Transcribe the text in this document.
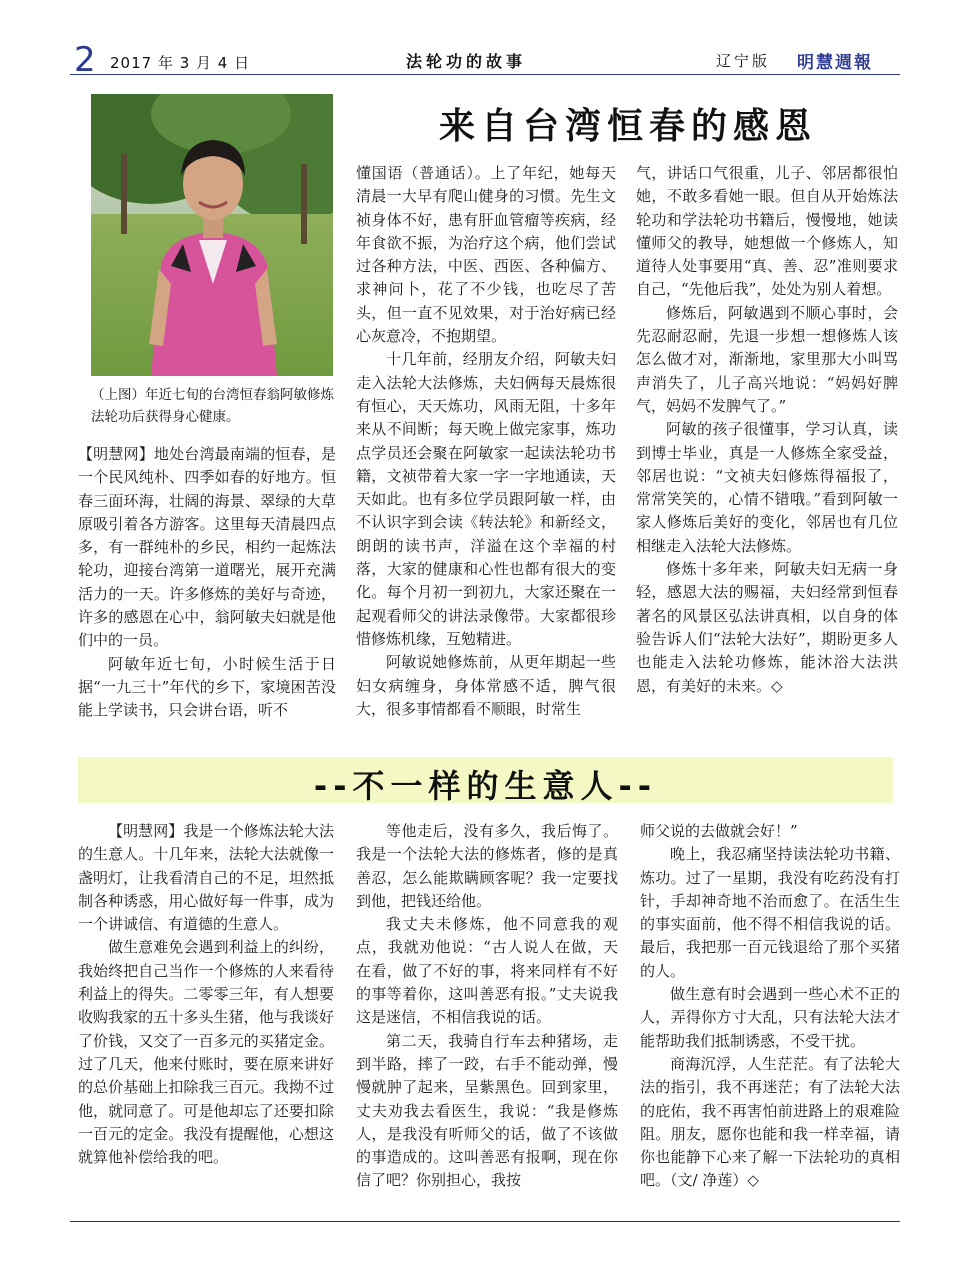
2 2017 年 3 月 4 日	法轮功的故事	辽宁版 明慧週報
（上图）年近七旬的台湾恒春翁阿敏修炼法轮功后获得身心健康。
来自台湾恒春的感恩

【明慧网】地处台湾最南端的恒春，是一个民风纯朴、四季如春的好地方。恒春三面环海，壮阔的海景、翠绿的大草原吸引着各方游客。这里每天清晨四点多，有一群纯朴的乡民，相约一起炼法轮功，迎接台湾第一道曙光，展开充满活力的一天。许多修炼的美好与奇迹，许多的感恩在心中，翁阿敏夫妇就是他们中的一员。

阿敏年近七旬，小时候生活于日据“一九三十”年代的乡下，家境困苦没能上学读书，只会讲台语，听不

懂国语（普通话）。上了年纪，她每天清晨一大早有爬山健身的习惯。先生文祯身体不好，患有肝血管瘤等疾病，经年食欲不振，为治疗这个病，他们尝试过各种方法，中医、西医、各种偏方、求神问卜，花了不少钱，也吃尽了苦头，但一直不见效果，对于治好病已经心灰意冷，不抱期望。

十几年前，经朋友介绍，阿敏夫妇走入法轮大法修炼，夫妇俩每天晨炼很有恒心，天天炼功，风雨无阻，十多年来从不间断；每天晚上做完家事，炼功点学员还会聚在阿敏家一起读法轮功书籍，文祯带着大家一字一字地通读，天天如此。也有多位学员跟阿敏一样，由不认识字到会读《转法轮》和新经文，朗朗的读书声，洋溢在这个幸福的村落，大家的健康和心性也都有很大的变化。每个月初一到初九，大家还聚在一起观看师父的讲法录像带。大家都很珍惜修炼机缘，互勉精进。

阿敏说她修炼前，从更年期起一些妇女病缠身，身体常感不适，脾气很大，很多事情都看不顺眼，时常生

气，讲话口气很重，儿子、邻居都很怕她，不敢多看她一眼。但自从开始炼法轮功和学法轮功书籍后，慢慢地，她读懂师父的教导，她想做一个修炼人，知道待人处事要用“真、善、忍”准则要求自己，“先他后我”，处处为别人着想。

修炼后，阿敏遇到不顺心事时，会先忍耐忍耐，先退一步想一想修炼人该怎么做才对，渐渐地，家里那大小叫骂声消失了，儿子高兴地说：“妈妈好脾气，妈妈不发脾气了。”

阿敏的孩子很懂事，学习认真，读到博士毕业，真是一人修炼全家受益，邻居也说：“文祯夫妇修炼得福报了，常常笑笑的，心情不错哦。”看到阿敏一家人修炼后美好的变化，邻居也有几位相继走入法轮大法修炼。

修炼十多年来，阿敏夫妇无病一身轻，感恩大法的赐福，夫妇经常到恒春著名的风景区弘法讲真相，以自身的体验告诉人们“法轮大法好”，期盼更多人也能走入法轮功修炼，能沐浴大法洪恩，有美好的未来。◇

--不一样的生意人--

【明慧网】我是一个修炼法轮大法的生意人。十几年来，法轮大法就像一盏明灯，让我看清自己的不足，坦然抵制各种诱惑，用心做好每一件事，成为一个讲诚信、有道德的生意人。

做生意难免会遇到利益上的纠纷，我始终把自己当作一个修炼的人来看待利益上的得失。二零零三年，有人想要收购我家的五十多头生猪，他与我谈好了价钱，又交了一百多元的买猪定金。过了几天，他来付账时，要在原来讲好的总价基础上扣除我三百元。我拗不过他，就同意了。可是他却忘了还要扣除一百元的定金。我没有提醒他，心想这就算他补偿给我的吧。

等他走后，没有多久，我后悔了。我是一个法轮大法的修炼者，修的是真善忍，怎么能欺瞒顾客呢？我一定要找到他，把钱还给他。

我丈夫未修炼，他不同意我的观点，我就劝他说：“古人说人在做，天在看，做了不好的事，将来同样有不好的事等着你，这叫善恶有报。”丈夫说我这是迷信，不相信我说的话。

第二天，我骑自行车去种猪场，走到半路，摔了一跤，右手不能动弹，慢慢就肿了起来，呈紫黑色。回到家里，丈夫劝我去看医生，我说：“我是修炼人，是我没有听师父的话，做了不该做的事造成的。这叫善恶有报啊，现在你信了吧？你别担心，我按

师父说的去做就会好！”

晚上，我忍痛坚持读法轮功书籍、炼功。过了一星期，我没有吃药没有打针，手却神奇地不治而愈了。在活生生的事实面前，他不得不相信我说的话。最后，我把那一百元钱退给了那个买猪的人。

做生意有时会遇到一些心术不正的人，弄得你方寸大乱，只有法轮大法才能帮助我们抵制诱惑，不受干扰。

商海沉浮，人生茫茫。有了法轮大法的指引，我不再迷茫；有了法轮大法的庇佑，我不再害怕前进路上的艰难险阻。朋友，愿你也能和我一样幸福，请你也能静下心来了解一下法轮功的真相吧。（文/ 净莲）◇
